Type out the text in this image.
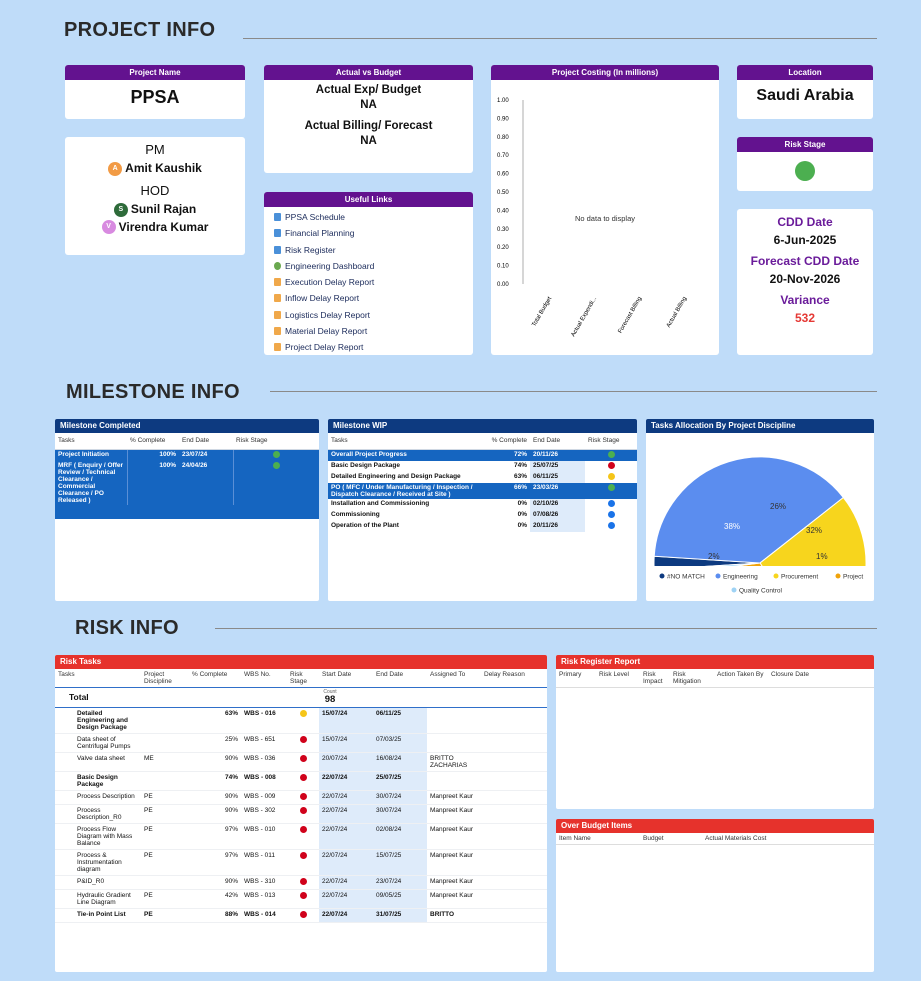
PROJECT INFO
Project Name
PPSA
PM
A Amit Kaushik
HOD
S Sunil Rajan
V Virendra Kumar
Actual vs Budget
Actual Exp/ Budget
NA
Actual Billing/ Forecast
NA
Useful Links
PPSA Schedule
Financial Planning
Risk Register
Engineering Dashboard
Execution Delay Report
Inflow Delay Report
Logistics Delay Report
Material Delay Report
Project Delay Report
Project Costing (In millions)
1.00
0.90
0.80
0.70
0.60
0.50
0.40
0.30
0.20
0.10
0.00
Total Budget	Actual Expendi...	Forecast Billing	Actual Billing
No data to display
Location
Saudi Arabia
Risk Stage
CDD Date
6-Jun-2025
Forecast CDD Date
20-Nov-2026
Variance
532
MILESTONE INFO
Milestone Completed
Tasks	% Complete	End Date	Risk Stage
Project Initiation	100%	23/07/24	
MRF ( Enquiry / Offer Review / Technical Clearance / Commercial Clearance / PO Released )	100%	24/04/26	

Milestone WIP
Tasks	% Complete	End Date	Risk Stage
Overall Project Progress	72%	20/11/26	
Basic Design Package	74%	25/07/25	
Detailed Engineering and Design Package	63%	06/11/25	
PO ( MFC / Under Manufacturing / Inspection / Dispatch Clearance / Received at Site )	66%	23/03/26	
Installation and Commissioning	0%	02/10/26	
Commissioning	0%	07/08/26	
Operation of the Plant	0%	20/11/26	
Tasks Allocation By Project Discipline
2%
38%
26%
32%
1%
#NO MATCH	Engineering	Procurement	Project
Quality Control
RISK INFO
Risk Tasks
Tasks	Project Discipline	% Complete	WBS No.	Risk Stage	Start Date	End Date	Assigned To	Delay Reason
Total				Count
98				

Detailed Engineering and Design Package		63%	WBS - 016		15/07/24	06/11/25		
Data sheet of Centrifugal Pumps		25%	WBS - 651		15/07/24	07/03/25		
Valve data sheet	ME	90%	WBS - 036		20/07/24	16/08/24	BRITTO ZACHARIAS	
Basic Design Package		74%	WBS - 008		22/07/24	25/07/25		
Process Description	PE	90%	WBS - 009		22/07/24	30/07/24	Manpreet Kaur	
Process Description_R0	PE	90%	WBS - 302		22/07/24	30/07/24	Manpreet Kaur	
Process Flow Diagram with Mass Balance	PE	97%	WBS - 010		22/07/24	02/08/24	Manpreet Kaur	
Process & Instrumentation diagram	PE	97%	WBS - 011		22/07/24	15/07/25	Manpreet Kaur	
P&ID_R0		90%	WBS - 310		22/07/24	23/07/24	Manpreet Kaur	
Hydraulic Gradient Line Diagram	PE	42%	WBS - 013		22/07/24	09/05/25	Manpreet Kaur	
Tie-in Point List	PE	88%	WBS - 014		22/07/24	31/07/25	BRITTO	
Risk Register Report
Primary	Risk Level	Risk Impact	Risk Mitigation	Action Taken By	Closure Date
Over Budget Items
Item Name	Budget	Actual Materials Cost
